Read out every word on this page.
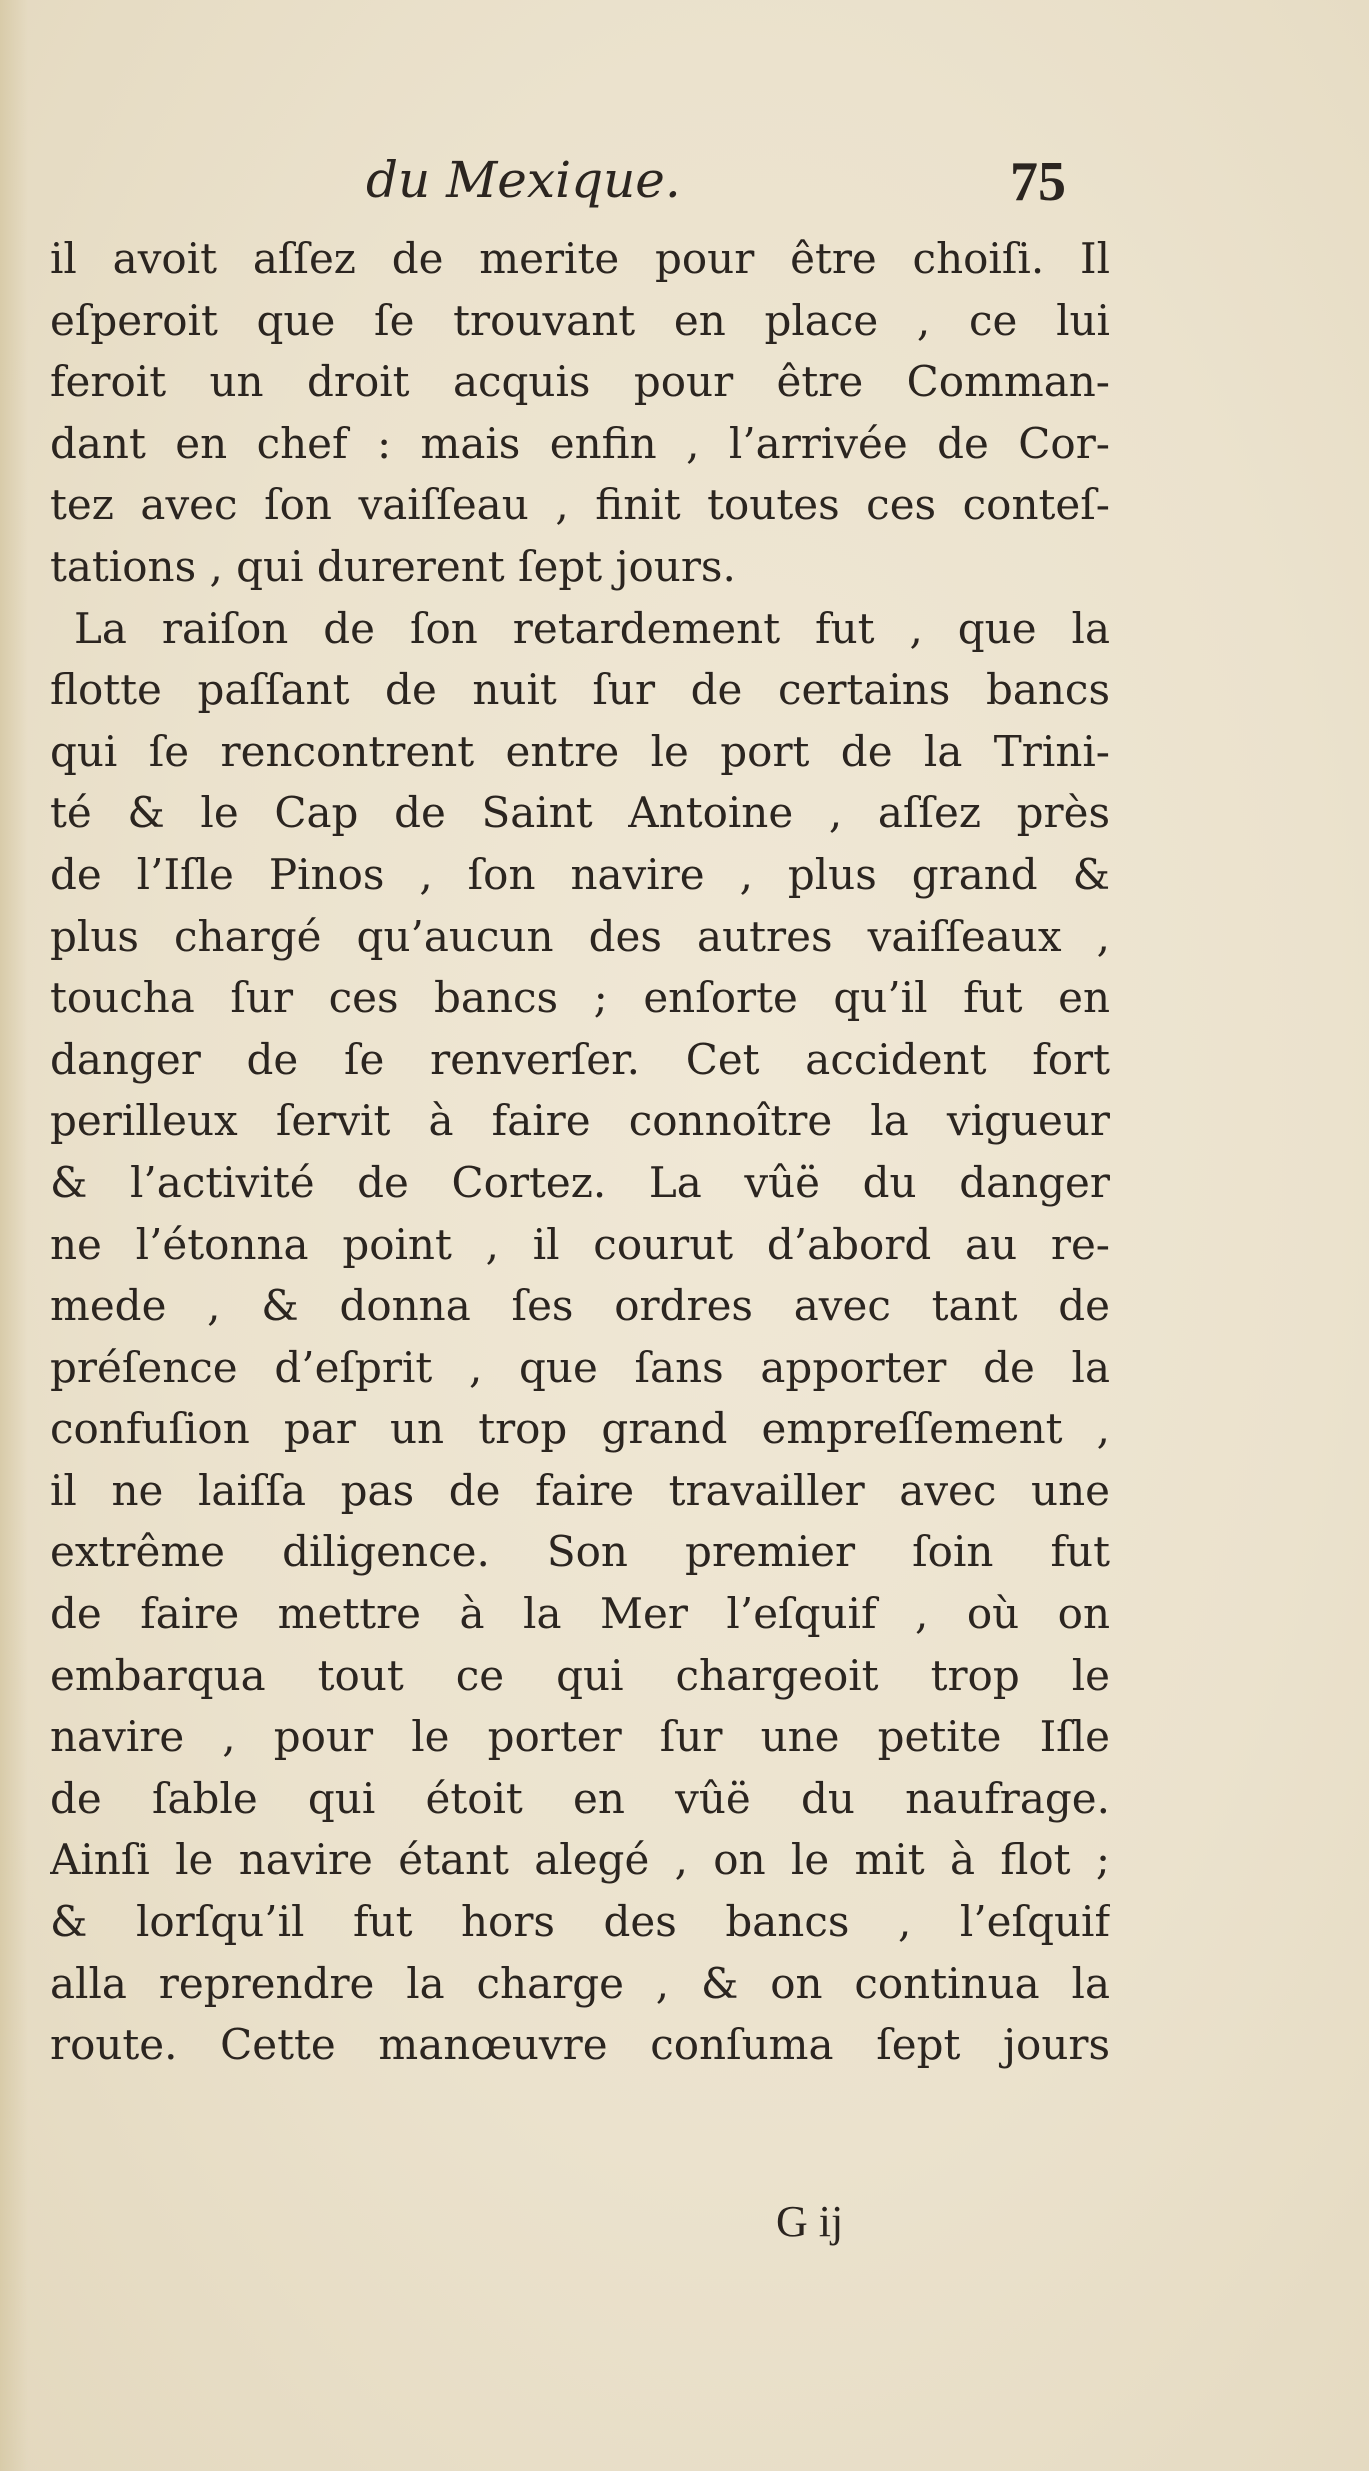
du Mexique.	75
il avoit aſſez de merite pour être choiſi. Il
eſperoit que ſe trouvant en place , ce lui
feroit un droit acquis pour être Comman-
dant en chef : mais enfin , l’arrivée de Cor-
tez avec ſon vaiſſeau , finit toutes ces conteſ-
tations , qui durerent ſept jours.
La raiſon de ſon retardement fut , que la
flotte paſſant de nuit ſur de certains bancs
qui ſe rencontrent entre le port de la Trini-
té & le Cap de Saint Antoine , aſſez près
de l’Iſle Pinos , ſon navire , plus grand &
plus chargé qu’aucun des autres vaiſſeaux ,
toucha ſur ces bancs ; enſorte qu’il fut en
danger de ſe renverſer. Cet accident fort
perilleux ſervit à faire connoître la vigueur
& l’activité de Cortez. La vûë du danger
ne l’étonna point , il courut d’abord au re-
mede , & donna ſes ordres avec tant de
préſence d’eſprit , que ſans apporter de la
confuſion par un trop grand empreſſement ,
il ne laiſſa pas de faire travailler avec une
extrême diligence. Son premier ſoin fut
de faire mettre à la Mer l’eſquif , où on
embarqua tout ce qui chargeoit trop le
navire , pour le porter ſur une petite Iſle
de ſable qui étoit en vûë du naufrage.
Ainſi le navire étant alegé , on le mit à flot ;
& lorſqu’il fut hors des bancs , l’eſquif
alla reprendre la charge , & on continua la
route. Cette manœuvre conſuma ſept jours
G ij
